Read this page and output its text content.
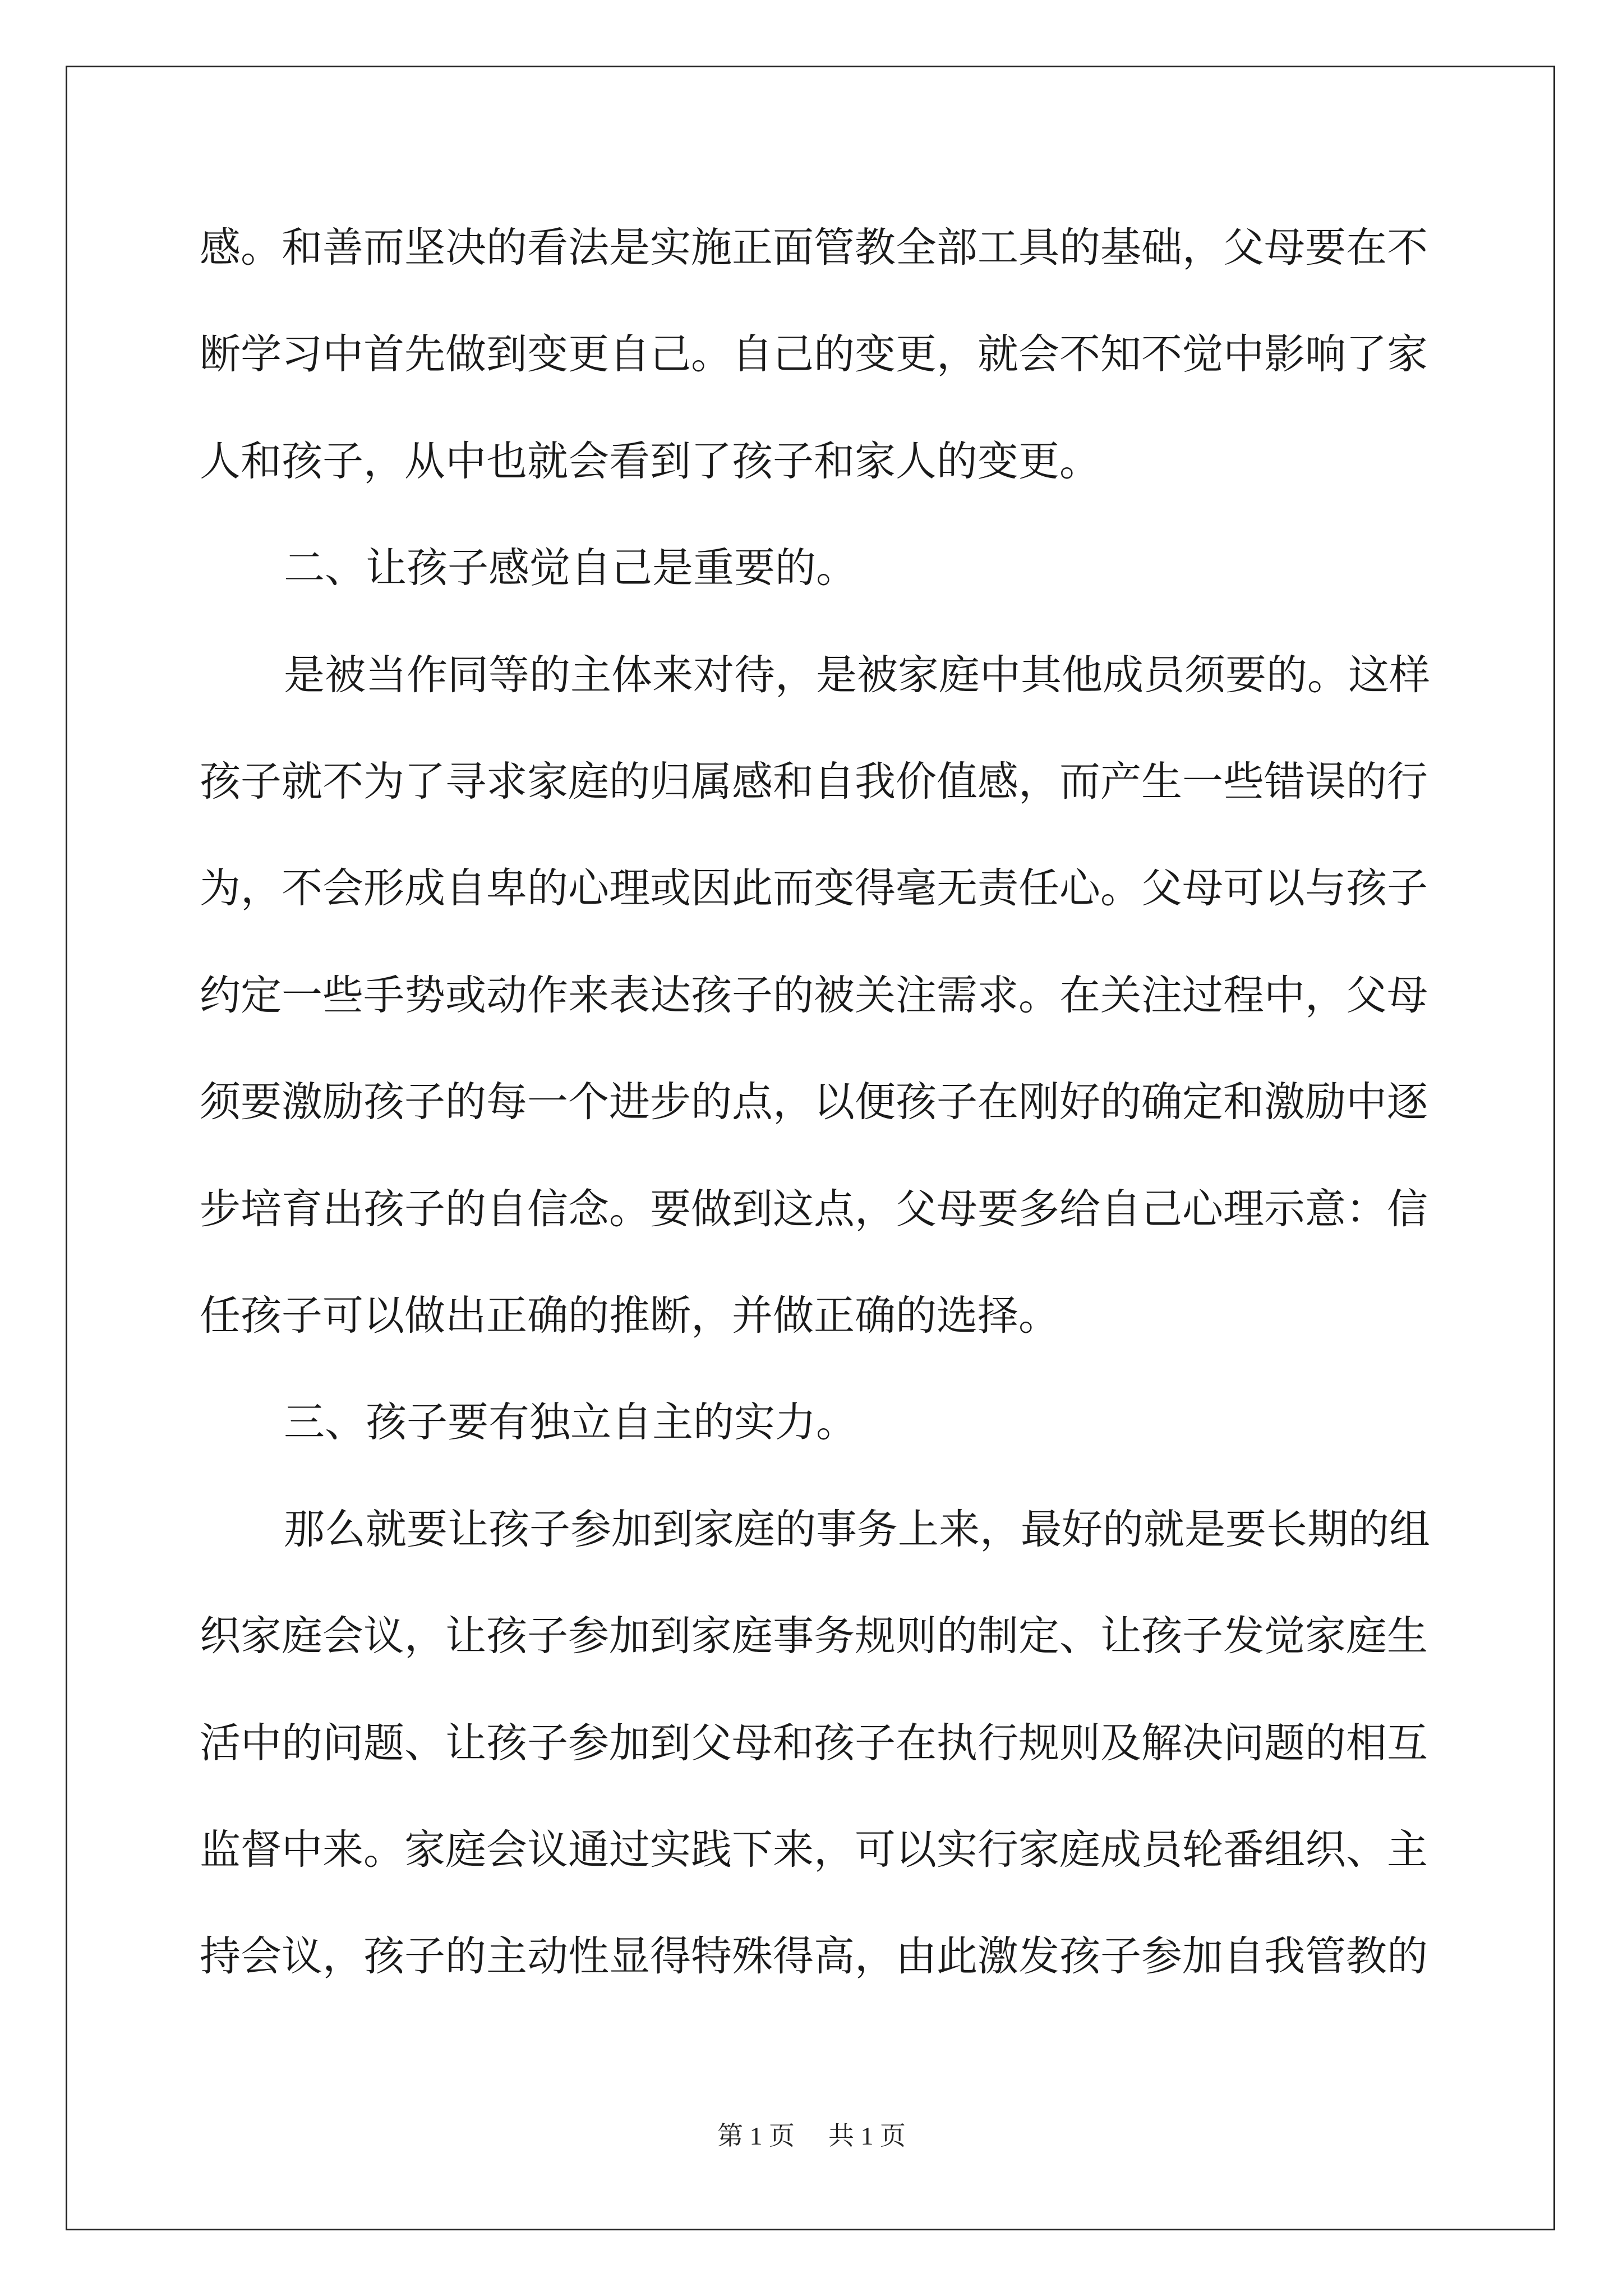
感。和善而坚决的看法是实施正面管教全部工具的基础，父母要在不
断学习中首先做到变更自己。自己的变更，就会不知不觉中影响了家
人和孩子，从中也就会看到了孩子和家人的变更。
二、让孩子感觉自己是重要的。
是被当作同等的主体来对待，是被家庭中其他成员须要的。这样
孩子就不为了寻求家庭的归属感和自我价值感，而产生一些错误的行
为，不会形成自卑的心理或因此而变得毫无责任心。父母可以与孩子
约定一些手势或动作来表达孩子的被关注需求。在关注过程中，父母
须要激励孩子的每一个进步的点，以便孩子在刚好的确定和激励中逐
步培育出孩子的自信念。要做到这点，父母要多给自己心理示意：信
任孩子可以做出正确的推断，并做正确的选择。
三、孩子要有独立自主的实力。
那么就要让孩子参加到家庭的事务上来，最好的就是要长期的组
织家庭会议，让孩子参加到家庭事务规则的制定、让孩子发觉家庭生
活中的问题、让孩子参加到父母和孩子在执行规则及解决问题的相互
监督中来。家庭会议通过实践下来，可以实行家庭成员轮番组织、主
持会议，孩子的主动性显得特殊得高，由此激发孩子参加自我管教的
第 1 页 共 1 页
